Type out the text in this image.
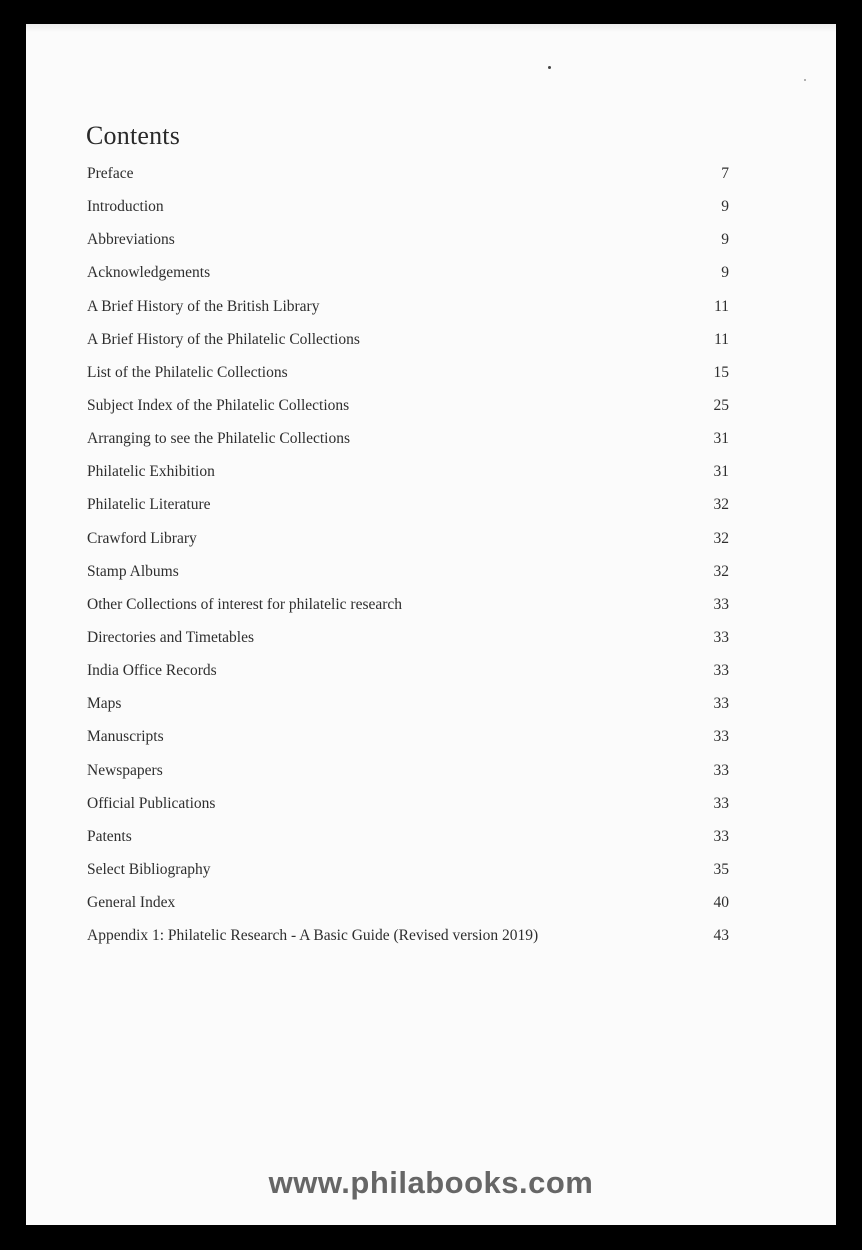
Contents
Preface	7
Introduction	9
Abbreviations	9
Acknowledgements	9
A Brief History of the British Library	11
A Brief History of the Philatelic Collections	11
List of the Philatelic Collections	15
Subject Index of the Philatelic Collections	25
Arranging to see the Philatelic Collections	31
Philatelic Exhibition	31
Philatelic Literature	32
Crawford Library	32
Stamp Albums	32
Other Collections of interest for philatelic research	33
Directories and Timetables	33
India Office Records	33
Maps	33
Manuscripts	33
Newspapers	33
Official Publications	33
Patents	33
Select Bibliography	35
General Index	40
Appendix 1: Philatelic Research - A Basic Guide (Revised version 2019)	43
www.philabooks.com
